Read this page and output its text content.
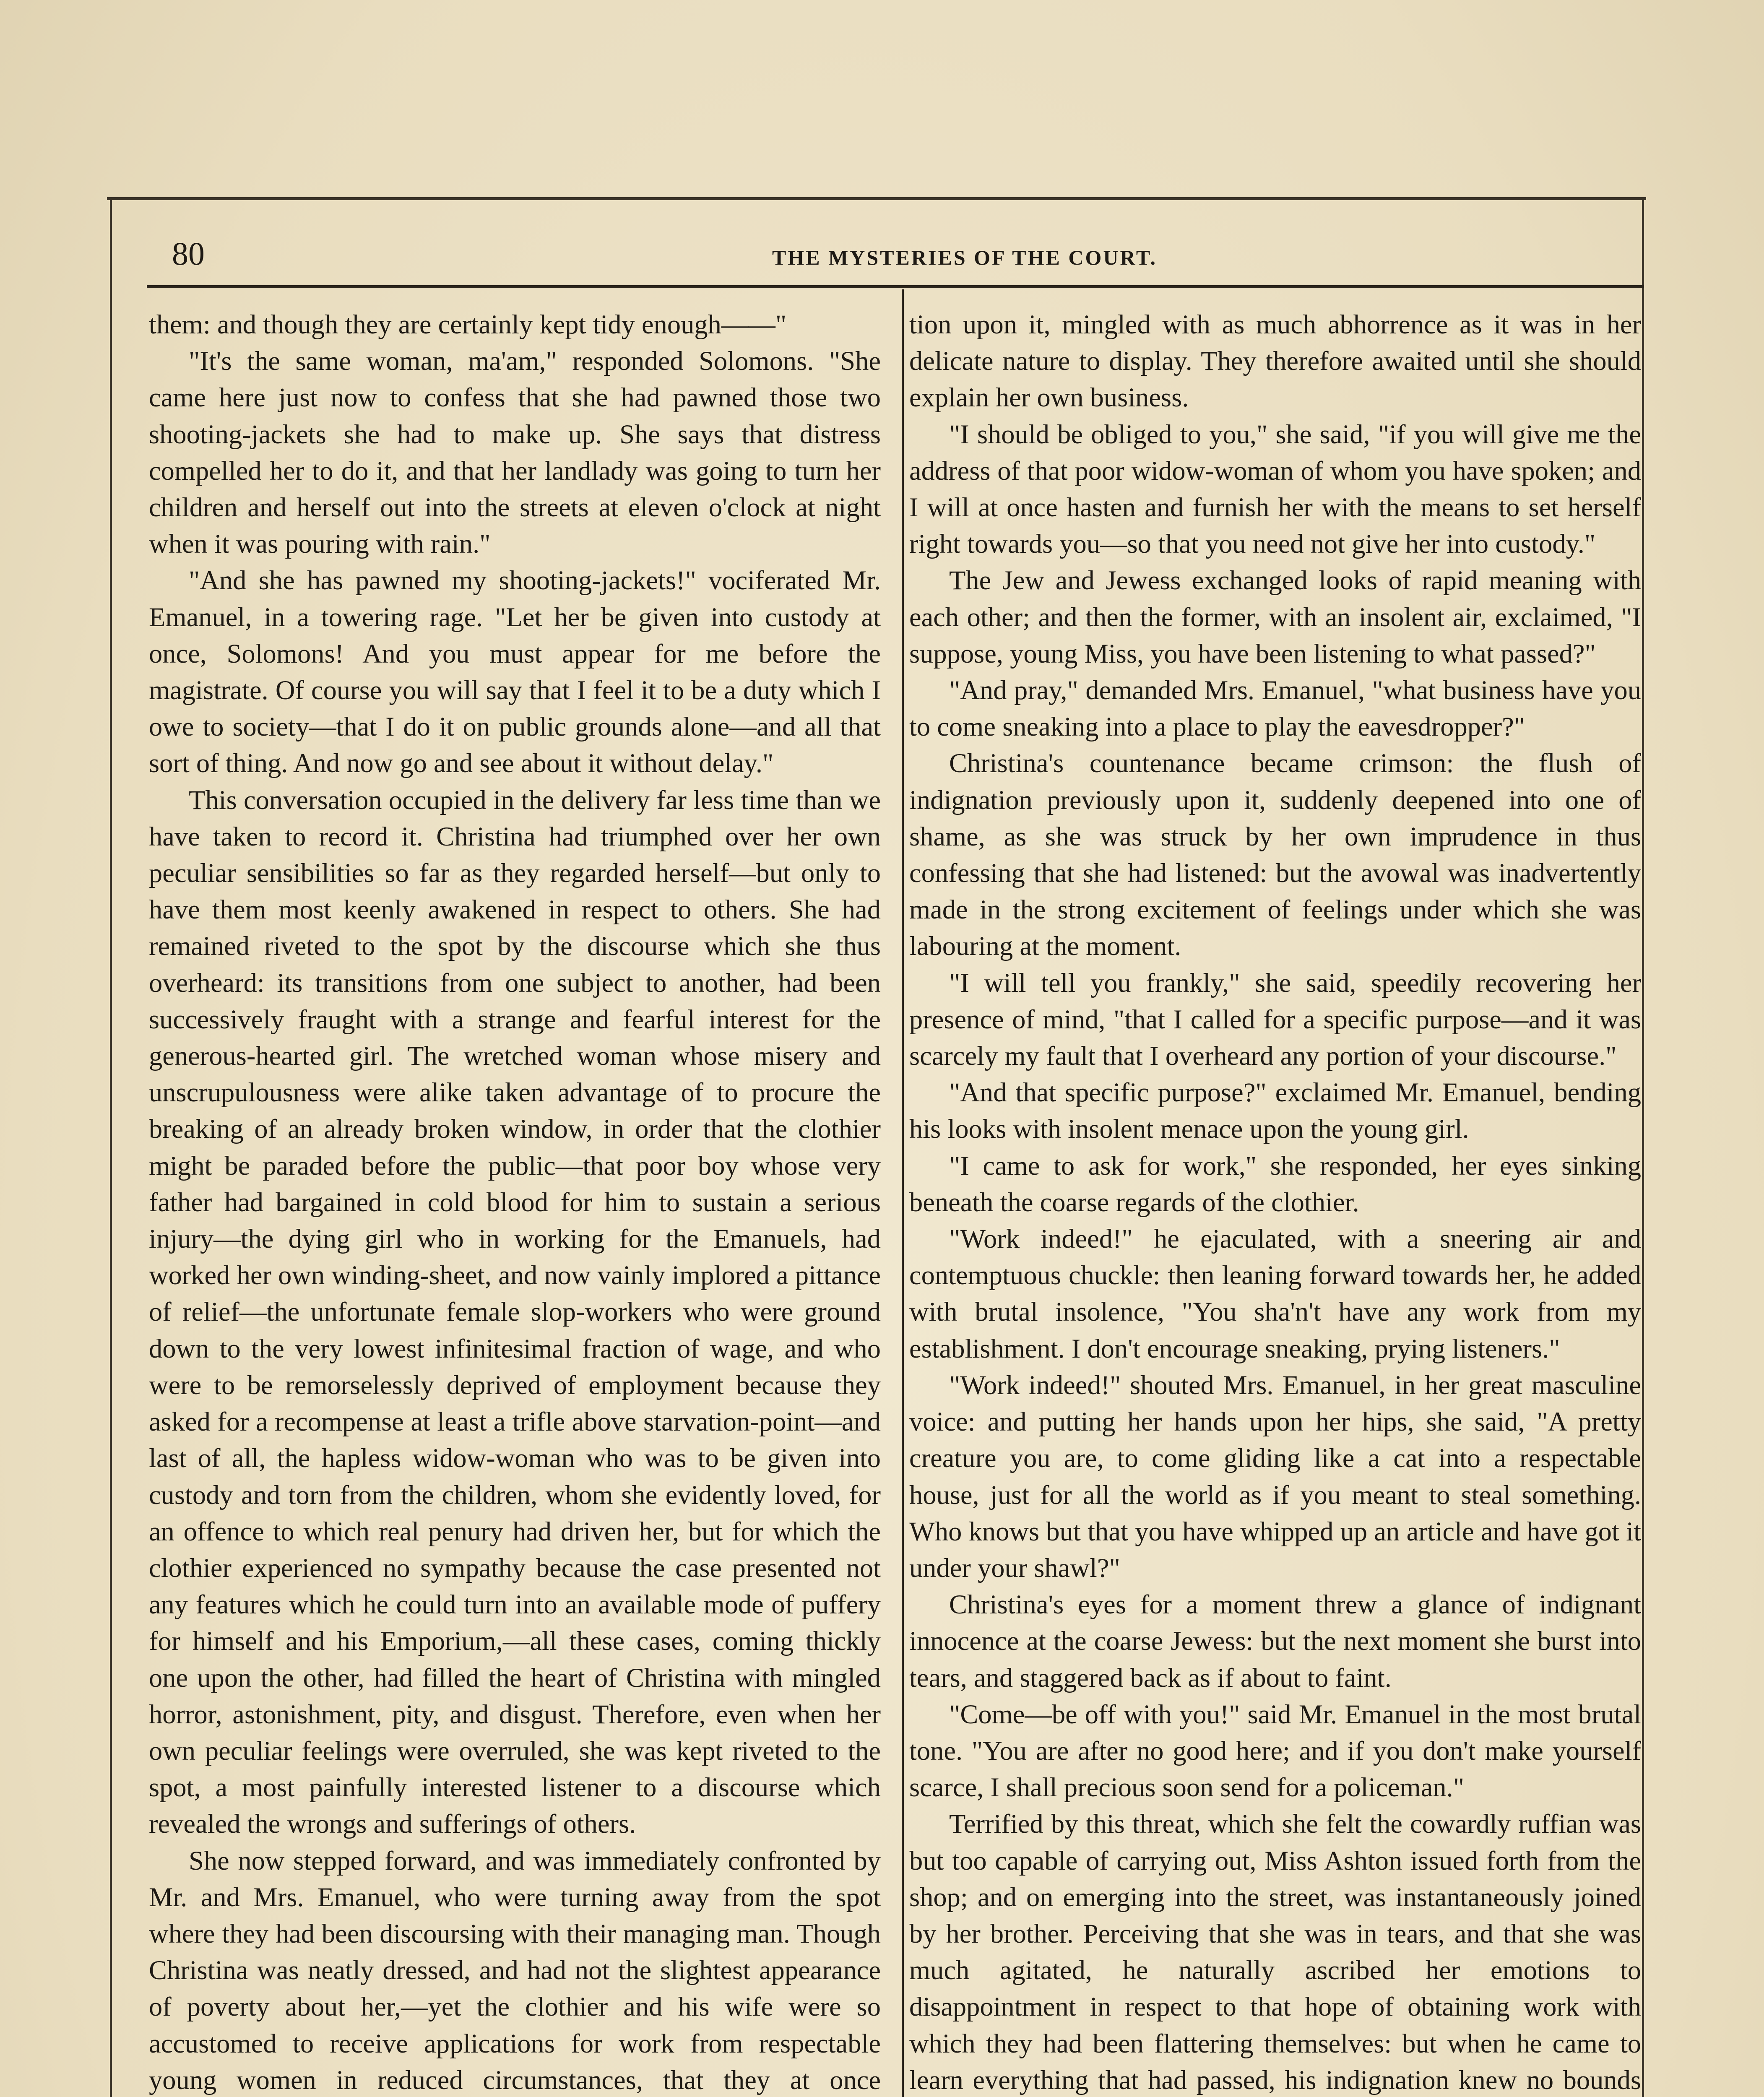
80	THE MYSTERIES OF THE COURT.

them: and though they are certainly kept tidy enough——"

"It's the same woman, ma'am," responded Solomons. "She came here just now to confess that she had pawned those two shooting-jackets she had to make up. She says that distress compelled her to do it, and that her landlady was going to turn her children and herself out into the streets at eleven o'clock at night when it was pouring with rain."

"And she has pawned my shooting-jackets!" vociferated Mr. Emanuel, in a towering rage. "Let her be given into custody at once, Solomons! And you must appear for me before the magistrate. Of course you will say that I feel it to be a duty which I owe to society—that I do it on public grounds alone—and all that sort of thing. And now go and see about it without delay."

This conversation occupied in the delivery far less time than we have taken to record it. Christina had triumphed over her own peculiar sensibilities so far as they regarded herself—but only to have them most keenly awakened in respect to others. She had remained riveted to the spot by the discourse which she thus overheard: its transitions from one subject to another, had been successively fraught with a strange and fearful interest for the generous-hearted girl. The wretched woman whose misery and unscrupulousness were alike taken advantage of to procure the breaking of an already broken window, in order that the clothier might be paraded before the public—that poor boy whose very father had bargained in cold blood for him to sustain a serious injury—the dying girl who in working for the Emanuels, had worked her own winding-sheet, and now vainly implored a pittance of relief—the unfortunate female slop-workers who were ground down to the very lowest infinitesimal fraction of wage, and who were to be remorselessly deprived of employment because they asked for a recompense at least a trifle above starvation-point—and last of all, the hapless widow-woman who was to be given into custody and torn from the children, whom she evidently loved, for an offence to which real penury had driven her, but for which the clothier experienced no sympathy because the case presented not any features which he could turn into an available mode of puffery for himself and his Emporium,—all these cases, coming thickly one upon the other, had filled the heart of Christina with mingled horror, astonishment, pity, and disgust. Therefore, even when her own peculiar feelings were overruled, she was kept riveted to the spot, a most painfully interested listener to a discourse which revealed the wrongs and sufferings of others.

She now stepped forward, and was immediately confronted by Mr. and Mrs. Emanuel, who were turning away from the spot where they had been discoursing with their managing man. Though Christina was neatly dressed, and had not the slightest appearance of poverty about her,—yet the clothier and his wife were so accustomed to receive applications for work from respectable young women in reduced circumstances, that they at once

tion upon it, mingled with as much abhorrence as it was in her delicate nature to display. They therefore awaited until she should explain her own business.

"I should be obliged to you," she said, "if you will give me the address of that poor widow-woman of whom you have spoken; and I will at once hasten and furnish her with the means to set herself right towards you—so that you need not give her into custody."

The Jew and Jewess exchanged looks of rapid meaning with each other; and then the former, with an insolent air, exclaimed, "I suppose, young Miss, you have been listening to what passed?"

"And pray," demanded Mrs. Emanuel, "what business have you to come sneaking into a place to play the eavesdropper?"

Christina's countenance became crimson: the flush of indignation previously upon it, suddenly deepened into one of shame, as she was struck by her own imprudence in thus confessing that she had listened: but the avowal was inadvertently made in the strong excitement of feelings under which she was labouring at the moment.

"I will tell you frankly," she said, speedily recovering her presence of mind, "that I called for a specific purpose—and it was scarcely my fault that I overheard any portion of your discourse."

"And that specific purpose?" exclaimed Mr. Emanuel, bending his looks with insolent menace upon the young girl.

"I came to ask for work," she responded, her eyes sinking beneath the coarse regards of the clothier.

"Work indeed!" he ejaculated, with a sneering air and contemptuous chuckle: then leaning forward towards her, he added with brutal insolence, "You sha'n't have any work from my establishment. I don't encourage sneaking, prying listeners."

"Work indeed!" shouted Mrs. Emanuel, in her great masculine voice: and putting her hands upon her hips, she said, "A pretty creature you are, to come gliding like a cat into a respectable house, just for all the world as if you meant to steal something. Who knows but that you have whipped up an article and have got it under your shawl?"

Christina's eyes for a moment threw a glance of indignant innocence at the coarse Jewess: but the next moment she burst into tears, and staggered back as if about to faint.

"Come—be off with you!" said Mr. Emanuel in the most brutal tone. "You are after no good here; and if you don't make yourself scarce, I shall precious soon send for a policeman."

Terrified by this threat, which she felt the cowardly ruffian was but too capable of carrying out, Miss Ashton issued forth from the shop; and on emerging into the street, was instantaneously joined by her brother. Perceiving that she was in tears, and that she was much agitated, he naturally ascribed her emotions to disappointment in respect to that hope of obtaining work with which they had been flattering themselves: but when he came to learn everything that had passed, his indignation knew no bounds
